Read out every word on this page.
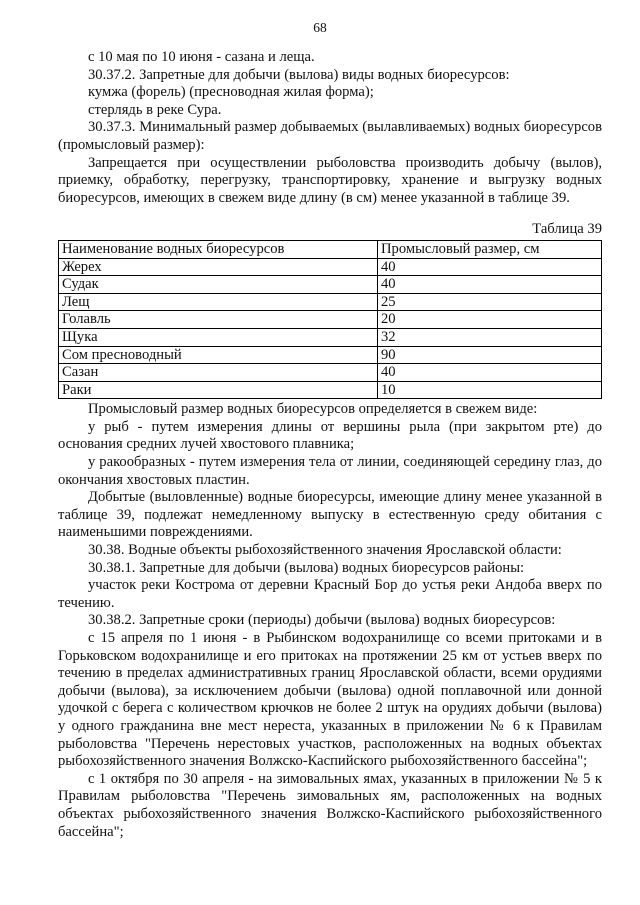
68

с 10 мая по 10 июня - сазана и леща.

30.37.2. Запретные для добычи (вылова) виды водных биоресурсов:

кумжа (форель) (пресноводная жилая форма);

стерлядь в реке Сура.

30.37.3. Минимальный размер добываемых (вылавливаемых) водных биоресурсов (промысловый размер):

Запрещается при осуществлении рыболовства производить добычу (вылов), приемку, обработку, перегрузку, транспортировку, хранение и выгрузку водных биоресурсов, имеющих в свежем виде длину (в см) менее указанной в таблице 39.

Таблица 39
Наименование водных биоресурсов	Промысловый размер, см
Жерех	40
Судак	40
Лещ	25
Голавль	20
Щука	32
Сом пресноводный	90
Сазан	40
Раки	10

Промысловый размер водных биоресурсов определяется в свежем виде:

у рыб - путем измерения длины от вершины рыла (при закрытом рте) до основания средних лучей хвостового плавника;

у ракообразных - путем измерения тела от линии, соединяющей середину глаз, до окончания хвостовых пластин.

Добытые (выловленные) водные биоресурсы, имеющие длину менее указанной в таблице 39, подлежат немедленному выпуску в естественную среду обитания с наименьшими повреждениями.

30.38. Водные объекты рыбохозяйственного значения Ярославской области:

30.38.1. Запретные для добычи (вылова) водных биоресурсов районы:

участок реки Кострома от деревни Красный Бор до устья реки Андоба вверх по течению.

30.38.2. Запретные сроки (периоды) добычи (вылова) водных биоресурсов:

с 15 апреля по 1 июня - в Рыбинском водохранилище со всеми притоками и в Горьковском водохранилище и его притоках на протяжении 25 км от устьев вверх по течению в пределах административных границ Ярославской области, всеми орудиями добычи (вылова), за исключением добычи (вылова) одной поплавочной или донной удочкой с берега с количеством крючков не более 2 штук на орудиях добычи (вылова) у одного гражданина вне мест нереста, указанных в приложении № 6 к Правилам рыболовства "Перечень нерестовых участков, расположенных на водных объектах рыбохозяйственного значения Волжско-Каспийского рыбохозяйственного бассейна";

с 1 октября по 30 апреля - на зимовальных ямах, указанных в приложении № 5 к Правилам рыболовства "Перечень зимовальных ям, расположенных на водных объектах рыбохозяйственного значения Волжско-Каспийского рыбохозяйственного бассейна";
